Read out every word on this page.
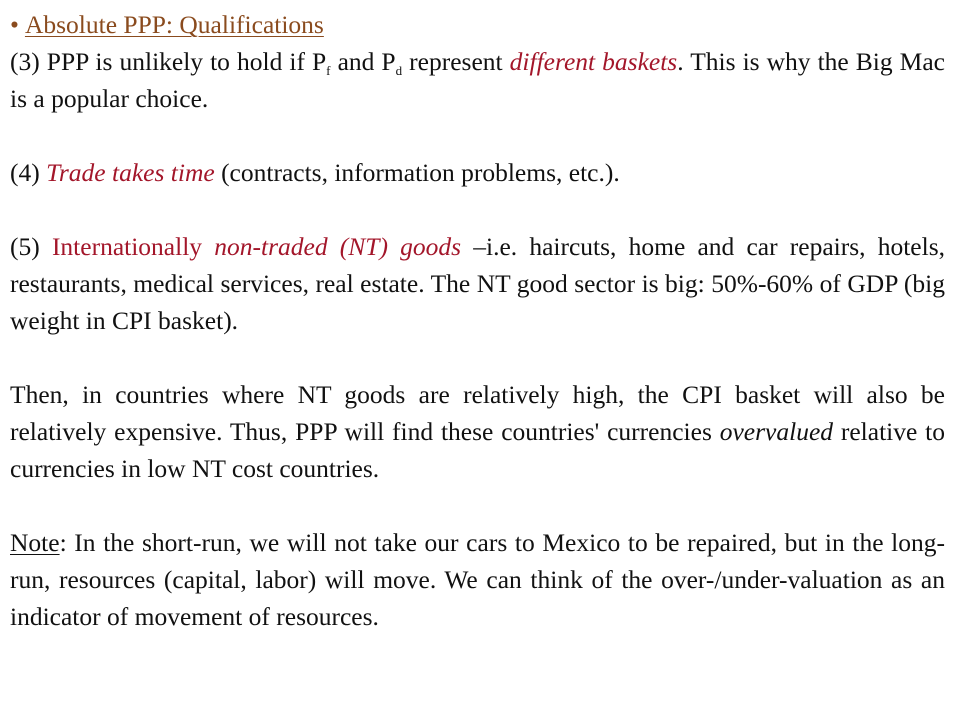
• Absolute PPP: Qualifications

(3) PPP is unlikely to hold if $P_f$ and $P_d$ represent different baskets. This is why the Big Mac is a popular choice.

(4) Trade takes time (contracts, information problems, etc.).

(5) Internationally non-traded (NT) goods –i.e. haircuts, home and car repairs, hotels, restaurants, medical services, real estate. The NT good sector is big: 50%-60% of GDP (big weight in CPI basket).

Then, in countries where NT goods are relatively high, the CPI basket will also be relatively expensive. Thus, PPP will find these countries' currencies overvalued relative to currencies in low NT cost countries.

Note: In the short-run, we will not take our cars to Mexico to be repaired, but in the long-run, resources (capital, labor) will move. We can think of the over-/under-valuation as an indicator of movement of resources.
